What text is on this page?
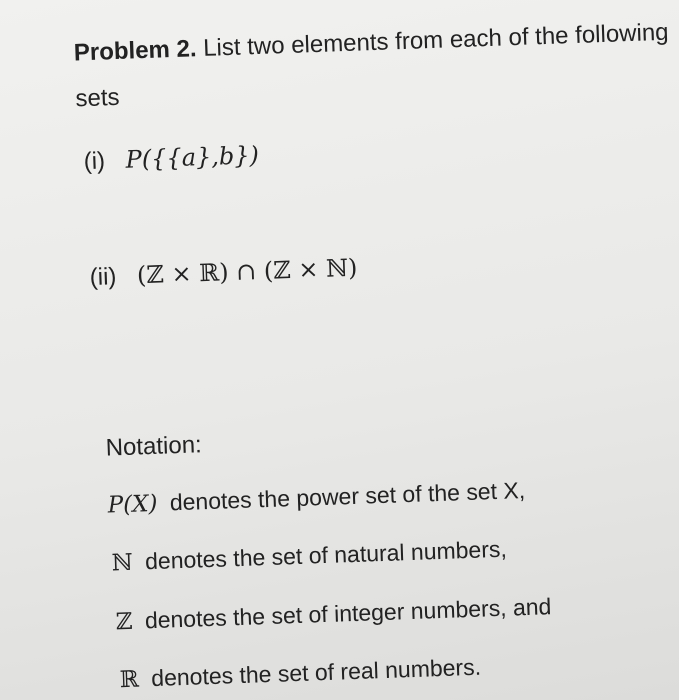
Problem 2. List two elements from each of the following
sets
(i) P({{a},b})
(ii) (ℤ × ℝ) ∩ (ℤ × ℕ)
Notation:
P(X) denotes the power set of the set X,
ℕ denotes the set of natural numbers,
ℤ denotes the set of integer numbers, and
ℝ denotes the set of real numbers.
